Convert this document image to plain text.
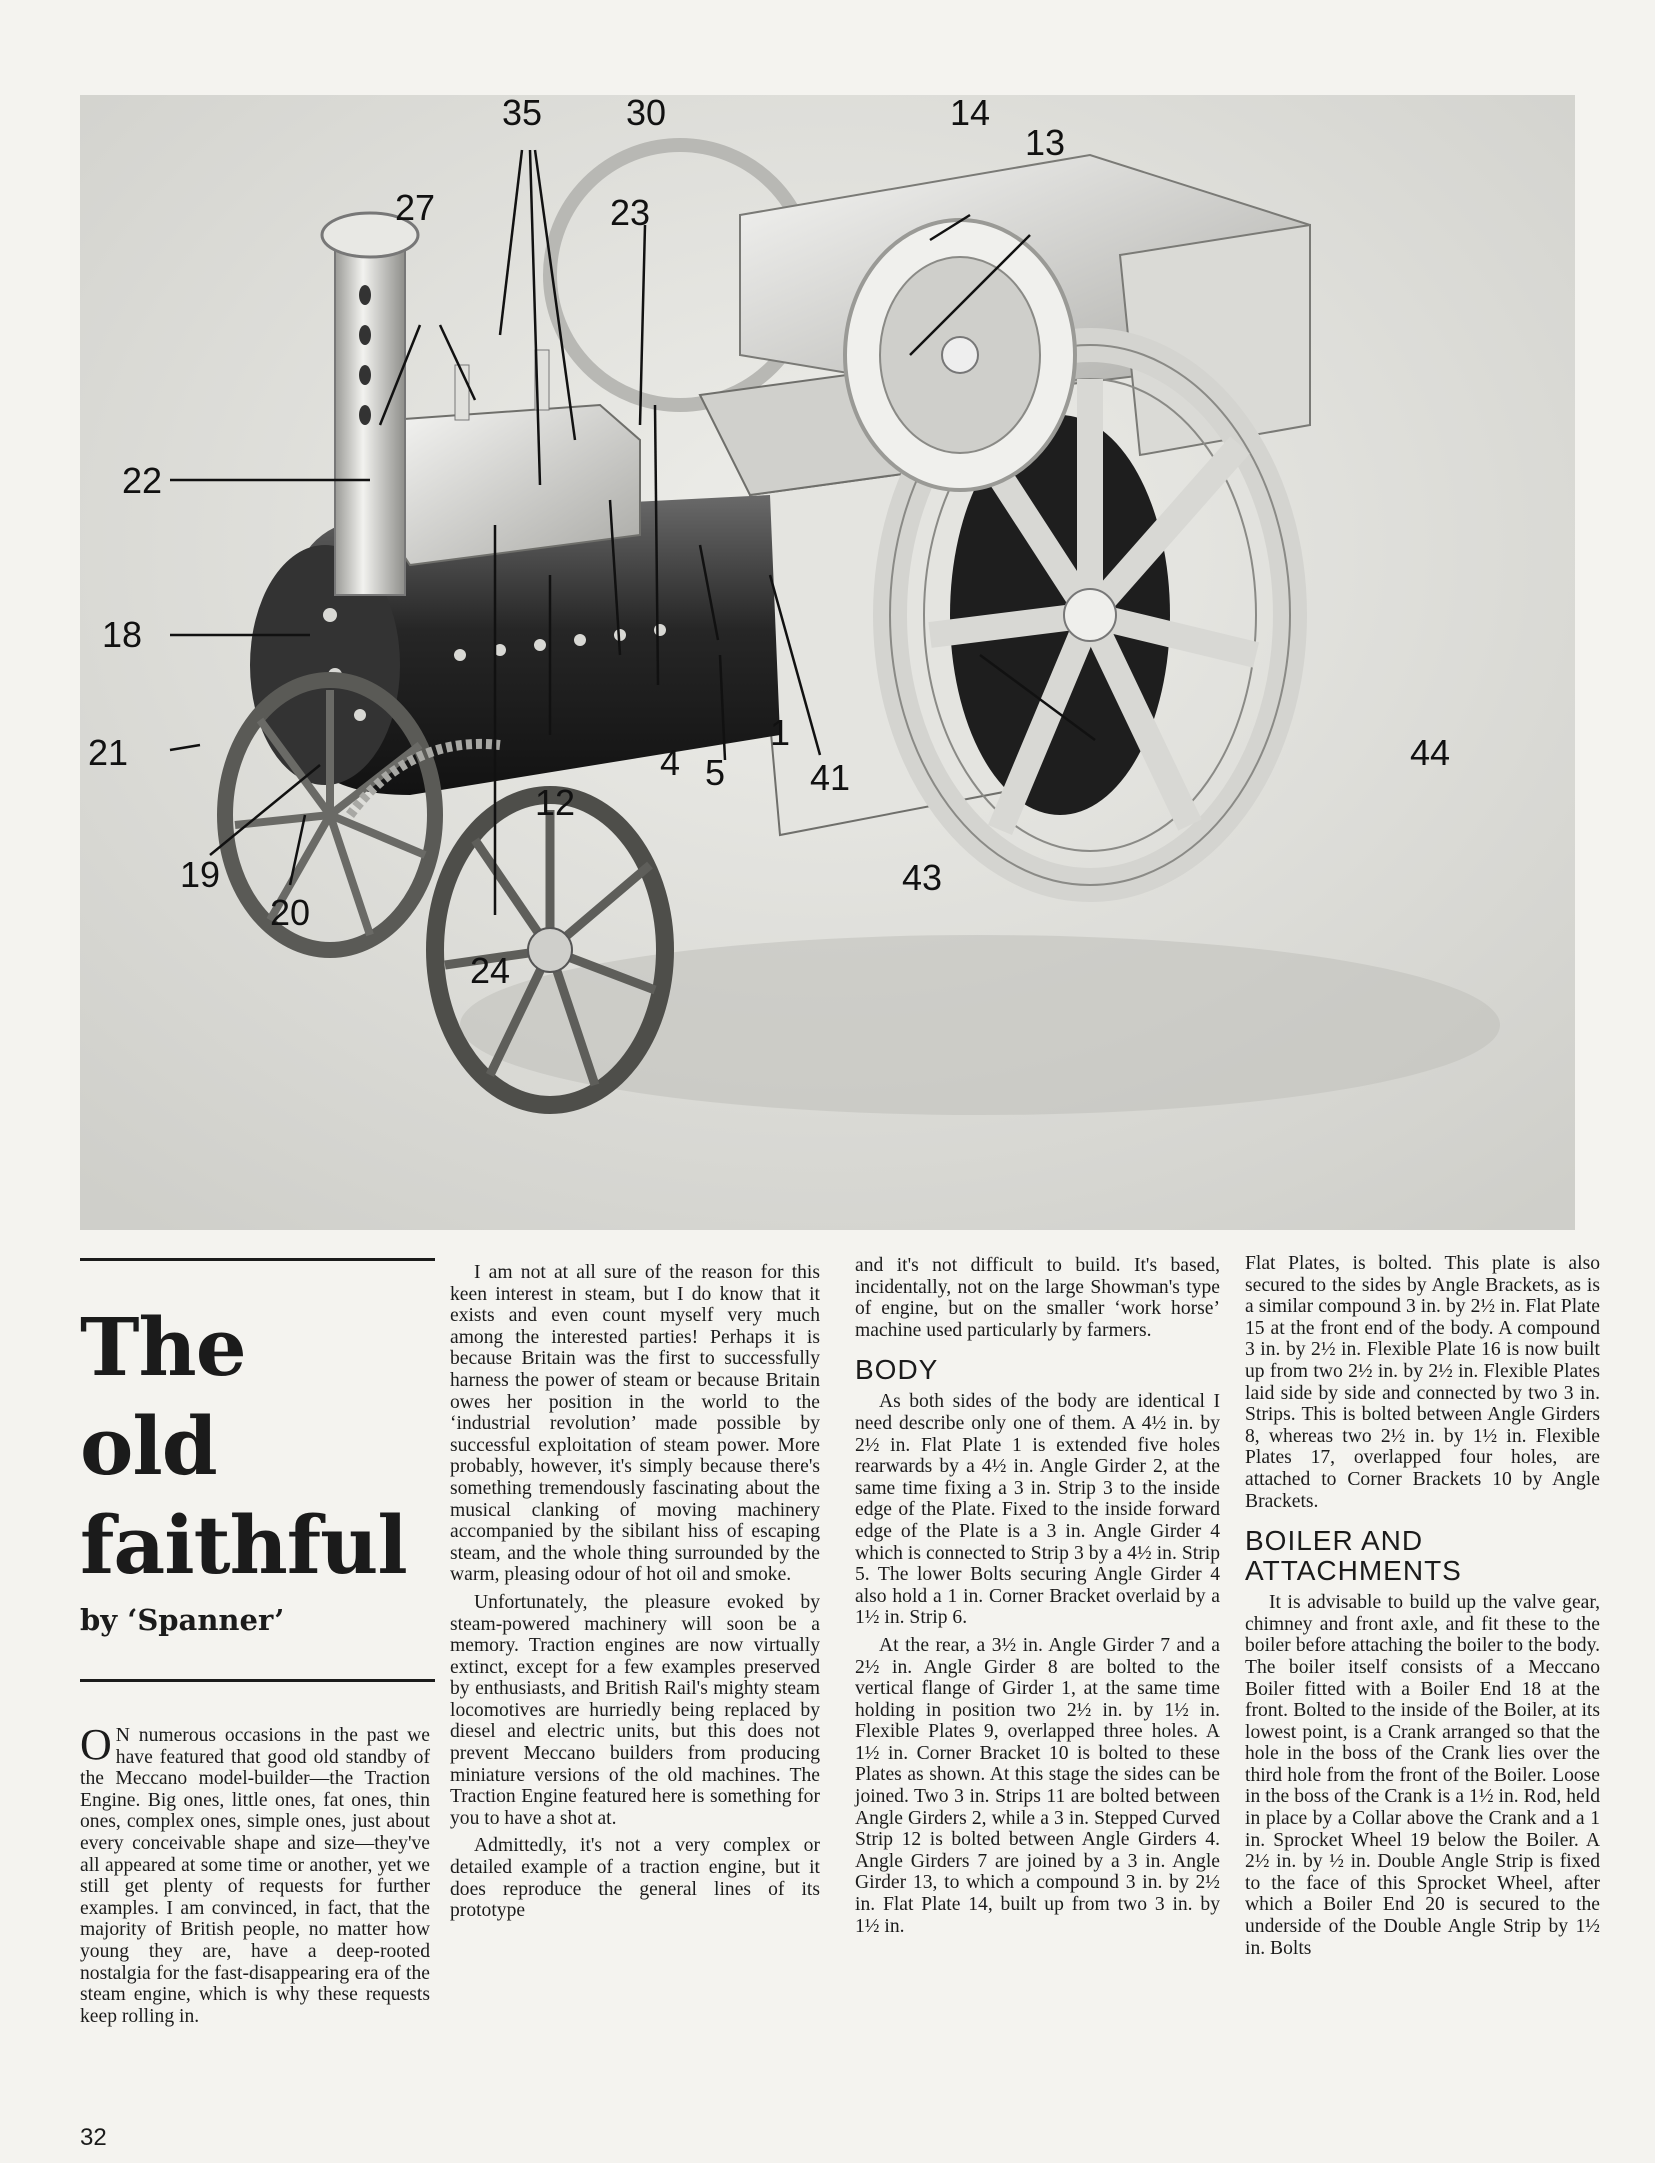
35 30	14
13
23
27
22
18
21
19
20
24
12
4 5
1
41
43
44
The
old
faithful
by ‘Spanner’

O N numerous occasions in the past we have featured that good old standby of the Meccano model-builder—the Traction Engine. Big ones, little ones, fat ones, thin ones, complex ones, simple ones, just about every conceivable shape and size—they've all appeared at some time or another, yet we still get plenty of requests for further examples. I am convinced, in fact, that the majority of British people, no matter how young they are, have a deep-rooted nostalgia for the fast-disappearing era of the steam engine, which is why these requests keep rolling in.

I am not at all sure of the reason for this keen interest in steam, but I do know that it exists and even count myself very much among the interested parties! Perhaps it is because Britain was the first to successfully harness the power of steam or because Britain owes her position in the world to the ‘industrial revolution’ made possible by successful exploitation of steam power. More probably, however, it's simply because there's something tremendously fascinating about the musical clanking of moving machinery accompanied by the sibilant hiss of escaping steam, and the whole thing surrounded by the warm, pleasing odour of hot oil and smoke.

Unfortunately, the pleasure evoked by steam-powered machinery will soon be a memory. Traction engines are now virtually extinct, except for a few examples preserved by enthusiasts, and British Rail's mighty steam locomotives are hurriedly being replaced by diesel and electric units, but this does not prevent Meccano builders from producing miniature versions of the old machines. The Traction Engine featured here is something for you to have a shot at.

Admittedly, it's not a very complex or detailed example of a traction engine, but it does reproduce the general lines of its prototype

and it's not difficult to build. It's based, incidentally, not on the large Showman's type of engine, but on the smaller ‘work horse’ machine used particularly by farmers.

BODY

As both sides of the body are identical I need describe only one of them. A 4½ in. by 2½ in. Flat Plate 1 is extended five holes rearwards by a 4½ in. Angle Girder 2, at the same time fixing a 3 in. Strip 3 to the inside edge of the Plate. Fixed to the inside forward edge of the Plate is a 3 in. Angle Girder 4 which is connected to Strip 3 by a 4½ in. Strip 5. The lower Bolts securing Angle Girder 4 also hold a 1 in. Corner Bracket overlaid by a 1½ in. Strip 6.

At the rear, a 3½ in. Angle Girder 7 and a 2½ in. Angle Girder 8 are bolted to the vertical flange of Girder 1, at the same time holding in position two 2½ in. by 1½ in. Flexible Plates 9, overlapped three holes. A 1½ in. Corner Bracket 10 is bolted to these Plates as shown. At this stage the sides can be joined. Two 3 in. Strips 11 are bolted between Angle Girders 2, while a 3 in. Stepped Curved Strip 12 is bolted between Angle Girders 4. Angle Girders 7 are joined by a 3 in. Angle Girder 13, to which a compound 3 in. by 2½ in. Flat Plate 14, built up from two 3 in. by 1½ in.

Flat Plates, is bolted. This plate is also secured to the sides by Angle Brackets, as is a similar compound 3 in. by 2½ in. Flat Plate 15 at the front end of the body. A compound 3 in. by 2½ in. Flexible Plate 16 is now built up from two 2½ in. by 2½ in. Flexible Plates laid side by side and connected by two 3 in. Strips. This is bolted between Angle Girders 8, whereas two 2½ in. by 1½ in. Flexible Plates 17, overlapped four holes, are attached to Corner Brackets 10 by Angle Brackets.

BOILER AND ATTACHMENTS

It is advisable to build up the valve gear, chimney and front axle, and fit these to the boiler before attaching the boiler to the body. The boiler itself consists of a Meccano Boiler fitted with a Boiler End 18 at the front. Bolted to the inside of the Boiler, at its lowest point, is a Crank arranged so that the hole in the boss of the Crank lies over the third hole from the front of the Boiler. Loose in the boss of the Crank is a 1½ in. Rod, held in place by a Collar above the Crank and a 1 in. Sprocket Wheel 19 below the Boiler. A 2½ in. by ½ in. Double Angle Strip is fixed to the face of this Sprocket Wheel, after which a Boiler End 20 is secured to the underside of the Double Angle Strip by 1½ in. Bolts

32
